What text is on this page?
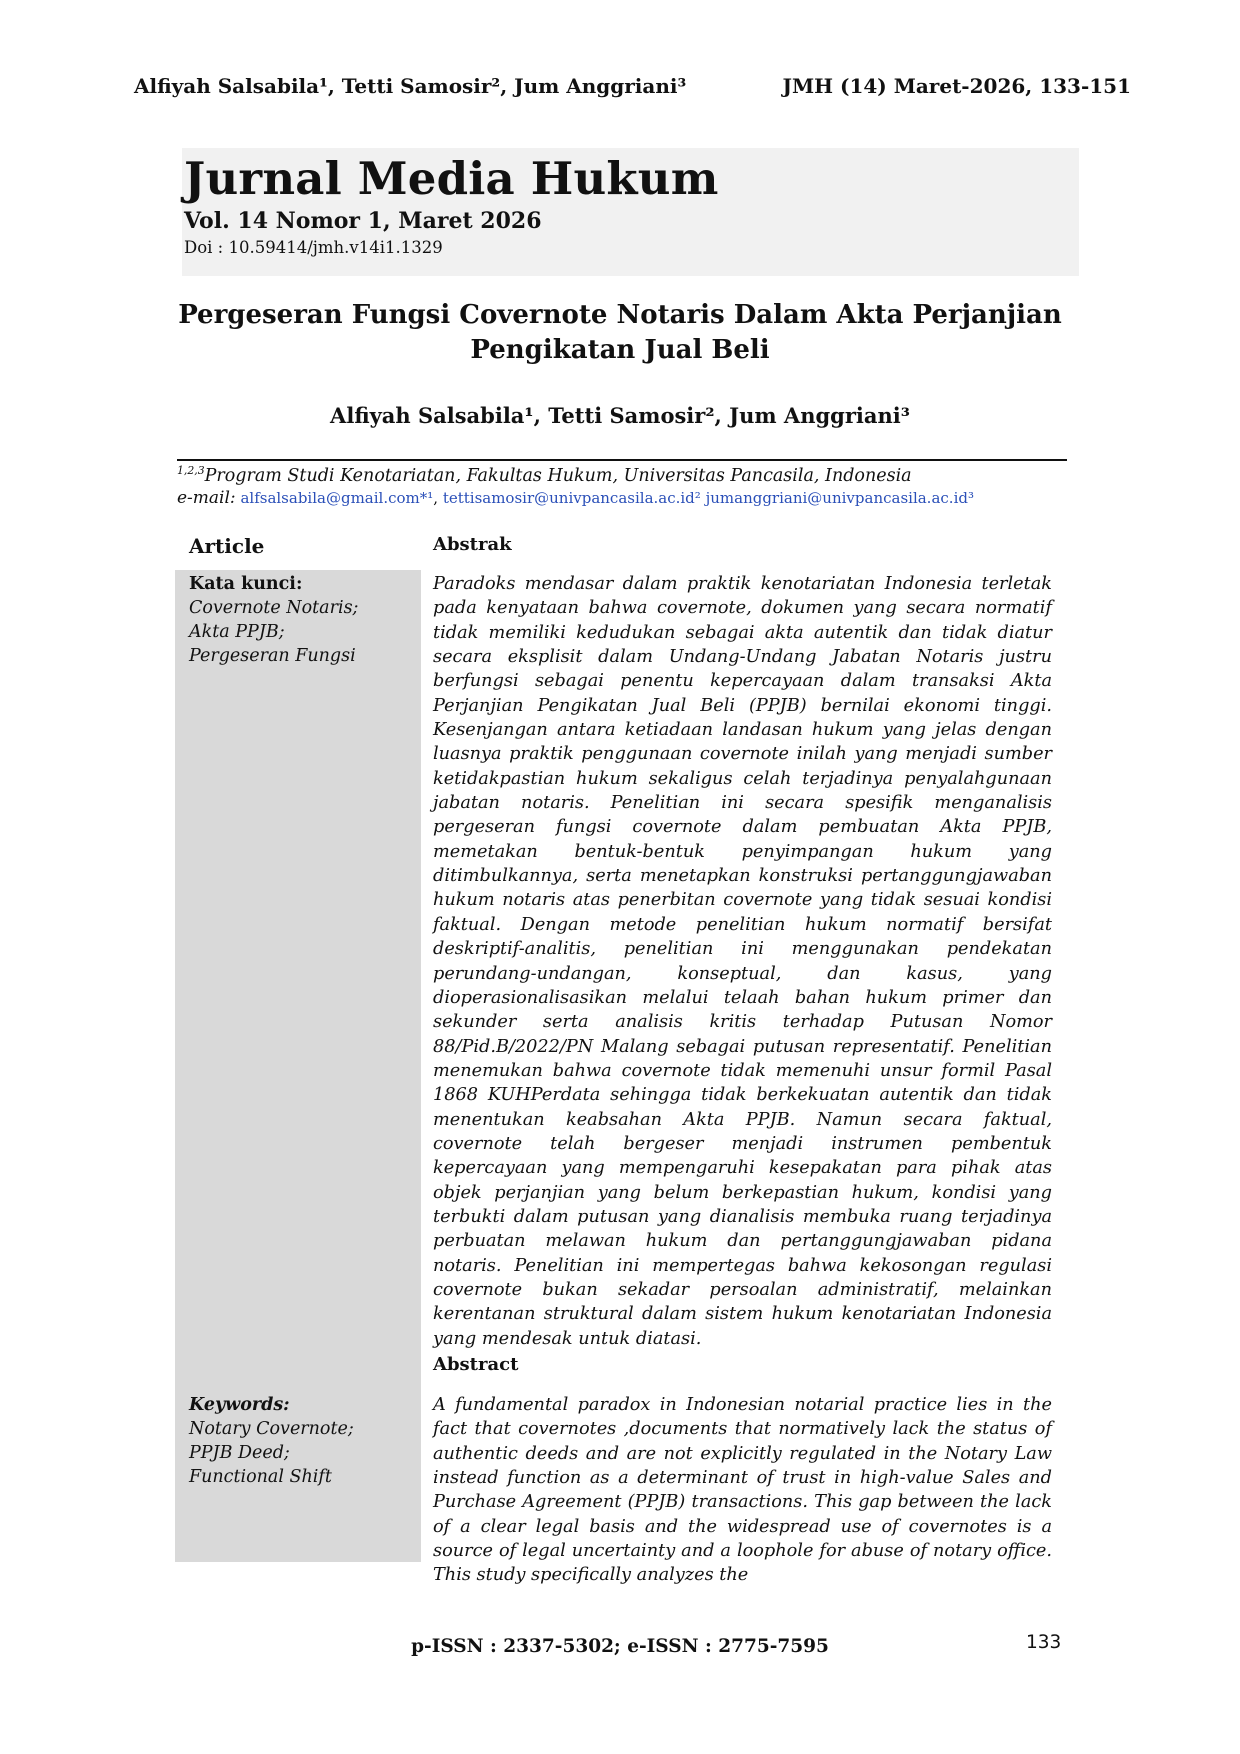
Alfiyah Salsabila¹, Tetti Samosir², Jum Anggriani³	JMH (14) Maret-2026, 133-151
Jurnal Media Hukum
Vol. 14 Nomor 1, Maret 2026
Doi : 10.59414/jmh.v14i1.1329
Pergeseran Fungsi Covernote Notaris Dalam Akta Perjanjian
Pengikatan Jual Beli
Alfiyah Salsabila¹, Tetti Samosir², Jum Anggriani³
$^{1,2,3}$Program Studi Kenotariatan, Fakultas Hukum, Universitas Pancasila, Indonesia
e-mail: alfsalsabila@gmail.com*¹, tettisamosir@univpancasila.ac.id² jumanggriani@univpancasila.ac.id³
Article	Abstrak
Kata kunci:
Covernote Notaris;
Akta PPJB;
Pergeseran Fungsi

Paradoks mendasar dalam praktik kenotariatan Indonesia terletak pada kenyataan bahwa covernote, dokumen yang secara normatif tidak memiliki kedudukan sebagai akta autentik dan tidak diatur secara eksplisit dalam Undang-Undang Jabatan Notaris justru berfungsi sebagai penentu kepercayaan dalam transaksi Akta Perjanjian Pengikatan Jual Beli (PPJB) bernilai ekonomi tinggi. Kesenjangan antara ketiadaan landasan hukum yang jelas dengan luasnya praktik penggunaan covernote inilah yang menjadi sumber ketidakpastian hukum sekaligus celah terjadinya penyalahgunaan jabatan notaris. Penelitian ini secara spesifik menganalisis pergeseran fungsi covernote dalam pembuatan Akta PPJB, memetakan bentuk-bentuk penyimpangan hukum yang ditimbulkannya, serta menetapkan konstruksi pertanggungjawaban hukum notaris atas penerbitan covernote yang tidak sesuai kondisi faktual. Dengan metode penelitian hukum normatif bersifat deskriptif-analitis, penelitian ini menggunakan pendekatan perundang-undangan, konseptual, dan kasus, yang dioperasionalisasikan melalui telaah bahan hukum primer dan sekunder serta analisis kritis terhadap Putusan Nomor 88/Pid.B/2022/PN Malang sebagai putusan representatif. Penelitian menemukan bahwa covernote tidak memenuhi unsur formil Pasal 1868 KUHPerdata sehingga tidak berkekuatan autentik dan tidak menentukan keabsahan Akta PPJB. Namun secara faktual, covernote telah bergeser menjadi instrumen pembentuk kepercayaan yang mempengaruhi kesepakatan para pihak atas objek perjanjian yang belum berkepastian hukum, kondisi yang terbukti dalam putusan yang dianalisis membuka ruang terjadinya perbuatan melawan hukum dan pertanggungjawaban pidana notaris. Penelitian ini mempertegas bahwa kekosongan regulasi covernote bukan sekadar persoalan administratif, melainkan kerentanan struktural dalam sistem hukum kenotariatan Indonesia yang mendesak untuk diatasi.

Abstract
Keywords:
Notary Covernote;
PPJB Deed;
Functional Shift

A fundamental paradox in Indonesian notarial practice lies in the fact that covernotes ,documents that normatively lack the status of authentic deeds and are not explicitly regulated in the Notary Law instead function as a determinant of trust in high-value Sales and Purchase Agreement (PPJB) transactions. This gap between the lack of a clear legal basis and the widespread use of covernotes is a source of legal uncertainty and a loophole for abuse of notary office. This study specifically analyzes the

p-ISSN : 2337-5302; e-ISSN : 2775-7595	133
